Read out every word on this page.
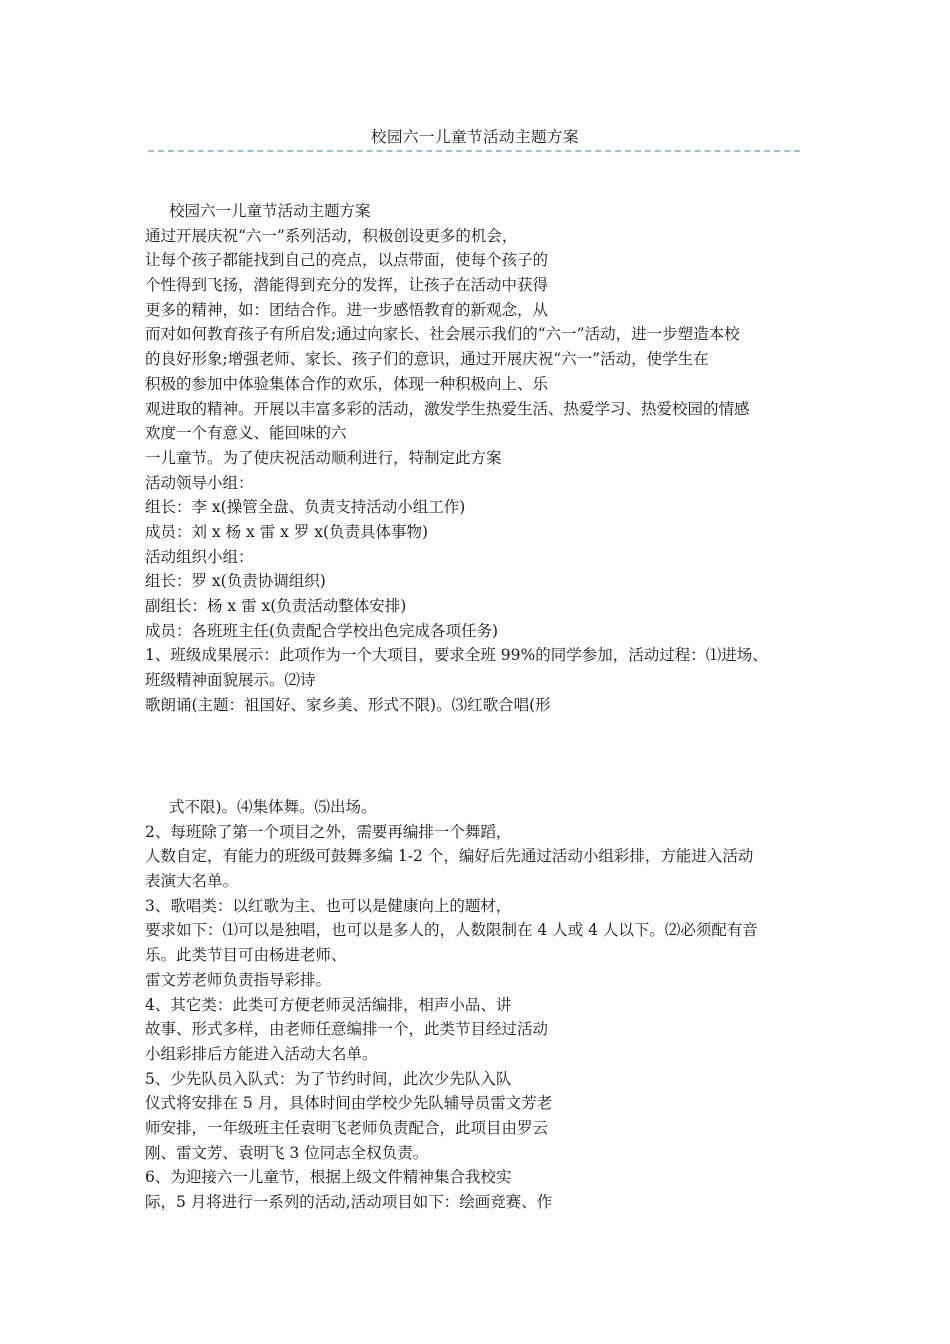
校园六一儿童节活动主题方案
校园六一儿童节活动主题方案
通过开展庆祝“六一”系列活动，积极创设更多的机会，
让每个孩子都能找到自己的亮点，以点带面，使每个孩子的
个性得到飞扬，潜能得到充分的发挥，让孩子在活动中获得
更多的精神，如：团结合作。进一步感悟教育的新观念，从
而对如何教育孩子有所启发;通过向家长、社会展示我们的“六一”活动，进一步塑造本校
的良好形象;增强老师、家长、孩子们的意识，通过开展庆祝“六一”活动，使学生在
积极的参加中体验集体合作的欢乐，体现一种积极向上、乐
观进取的精神。开展以丰富多彩的活动，激发学生热爱生活、热爱学习、热爱校园的情感
欢度一个有意义、能回味的六
一儿童节。为了使庆祝活动顺利进行，特制定此方案
活动领导小组：
组长：李 x(操管全盘、负责支持活动小组工作)
成员：刘 x 杨 x 雷 x 罗 x(负责具体事物)
活动组织小组：
组长：罗 x(负责协调组织)
副组长：杨 x 雷 x(负责活动整体安排)
成员：各班班主任(负责配合学校出色完成各项任务)
1、班级成果展示：此项作为一个大项目，要求全班 99%的同学参加，活动过程：⑴进场、
班级精神面貌展示。⑵诗
歌朗诵(主题：祖国好、家乡美、形式不限)。⑶红歌合唱(形
式不限)。⑷集体舞。⑸出场。
2、每班除了第一个项目之外，需要再编排一个舞蹈，
人数自定，有能力的班级可鼓舞多编 1-2 个，编好后先通过活动小组彩排，方能进入活动
表演大名单。
3、歌唱类：以红歌为主、也可以是健康向上的题材，
要求如下：⑴可以是独唱，也可以是多人的，人数限制在 4 人或 4 人以下。⑵必须配有音
乐。此类节目可由杨进老师、
雷文芳老师负责指导彩排。
4、其它类：此类可方便老师灵活编排，相声小品、讲
故事、形式多样，由老师任意编排一个，此类节目经过活动
小组彩排后方能进入活动大名单。
5、少先队员入队式：为了节约时间，此次少先队入队
仪式将安排在 5 月，具体时间由学校少先队辅导员雷文芳老
师安排，一年级班主任袁明飞老师负责配合，此项目由罗云
刚、雷文芳、袁明飞 3 位同志全权负责。
6、为迎接六一儿童节，根据上级文件精神集合我校实
际，5 月将进行一系列的活动,活动项目如下：绘画竞赛、作
